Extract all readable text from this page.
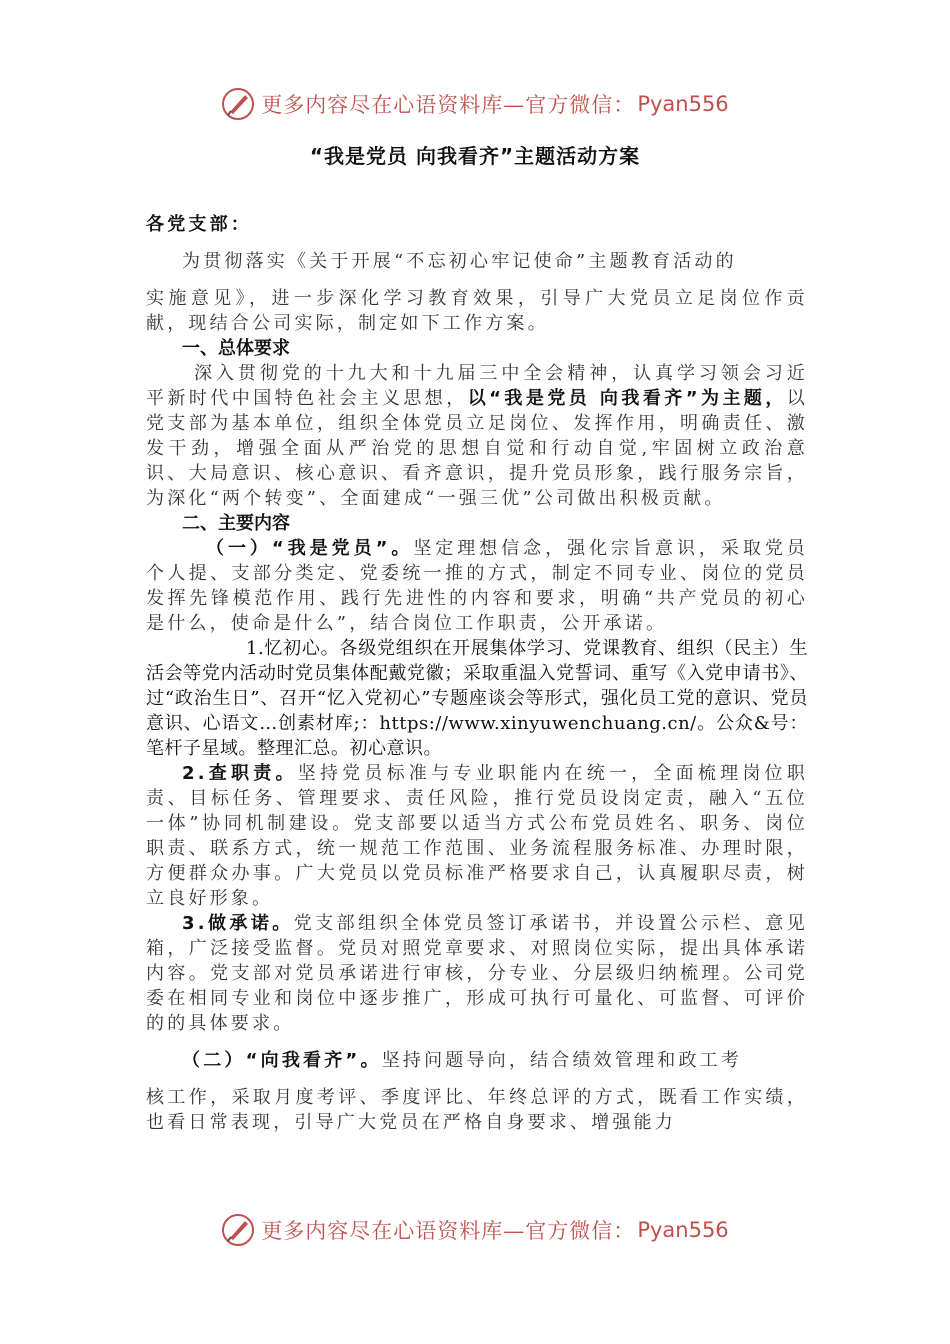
更多内容尽在心语资料库—官方微信： Pyan556
“我是党员 向我看齐”主题活动方案

各党支部：

为贯彻落实《关于开展“不忘初心牢记使命”主题教育活动的

实施意见》，进一步深化学习教育效果，引导广大党员立足岗位作贡献，现结合公司实际，制定如下工作方案。

一、总体要求

深入贯彻党的十九大和十九届三中全会精神，认真学习领会习近平新时代中国特色社会主义思想，以“我是党员 向我看齐”为主题，以党支部为基本单位，组织全体党员立足岗位、发挥作用，明确责任、激发干劲，增强全面从严治党的思想自觉和行动自觉,牢固树立政治意识、大局意识、核心意识、看齐意识，提升党员形象，践行服务宗旨，为深化“两个转变”、全面建成“一强三优”公司做出积极贡献。

二、主要内容

（一）“我是党员”。坚定理想信念，强化宗旨意识，采取党员个人提、支部分类定、党委统一推的方式，制定不同专业、岗位的党员发挥先锋模范作用、践行先进性的内容和要求，明确“共产党员的初心是什么，使命是什么”，结合岗位工作职责，公开承诺。

1.忆初心。各级党组织在开展集体学习、党课教育、组织（民主）生活会等党内活动时党员集体配戴党徽；采取重温入党誓词、重写《入党申请书》、过“政治生日”、召开“忆入党初心”专题座谈会等形式，强化员工党的意识、党员意识、心语文…创素材库;：https://www.xinyuwenchuang.cn/。公众&号：笔杆子星域。整理汇总。初心意识。

2.查职责。坚持党员标准与专业职能内在统一，全面梳理岗位职责、目标任务、管理要求、责任风险，推行党员设岗定责，融入“五位一体”协同机制建设。党支部要以适当方式公布党员姓名、职务、岗位职责、联系方式，统一规范工作范围、业务流程服务标准、办理时限，方便群众办事。广大党员以党员标准严格要求自己，认真履职尽责，树立良好形象。

3.做承诺。党支部组织全体党员签订承诺书，并设置公示栏、意见箱，广泛接受监督。党员对照党章要求、对照岗位实际，提出具体承诺内容。党支部对党员承诺进行审核，分专业、分层级归纳梳理。公司党委在相同专业和岗位中逐步推广，形成可执行可量化、可监督、可评价的的具体要求。

（二）“向我看齐”。坚持问题导向，结合绩效管理和政工考

核工作，采取月度考评、季度评比、年终总评的方式，既看工作实绩，也看日常表现，引导广大党员在严格自身要求、增强能力

更多内容尽在心语资料库—官方微信： Pyan556
